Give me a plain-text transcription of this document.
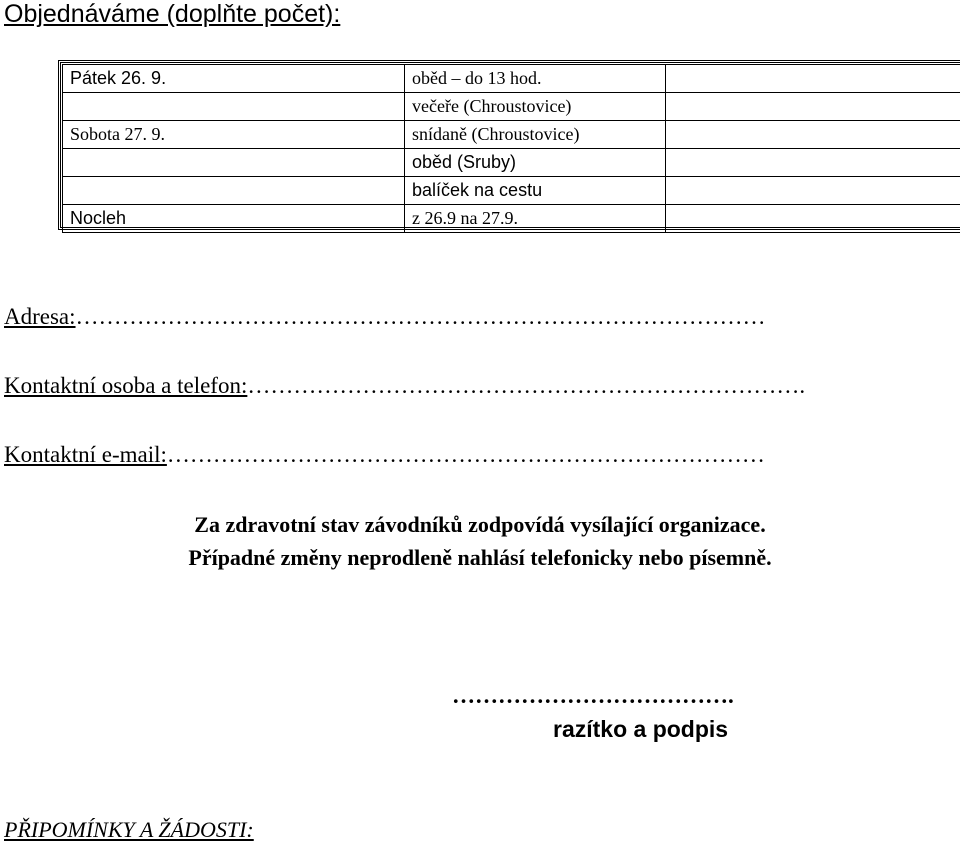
Objednáváme (doplňte počet):
Pátek 26. 9.	oběd – do 13 hod.	
	večeře (Chroustovice)	
Sobota 27. 9.	snídaně (Chroustovice)	
	oběd (Sruby)	
	balíček na cestu	
Nocleh	z 26.9 na 27.9.	
Adresa:………………………………………………………………………………
Kontaktní osoba a telefon:……………………………………………………………….
Kontaktní e-mail:……………………………………………………………………
Za zdravotní stav závodníků zodpovídá vysílající organizace.
Případné změny neprodleně nahlásí telefonicky nebo písemně.
……………………………….
razítko a podpis
PŘIPOMÍNKY A ŽÁDOSTI:
